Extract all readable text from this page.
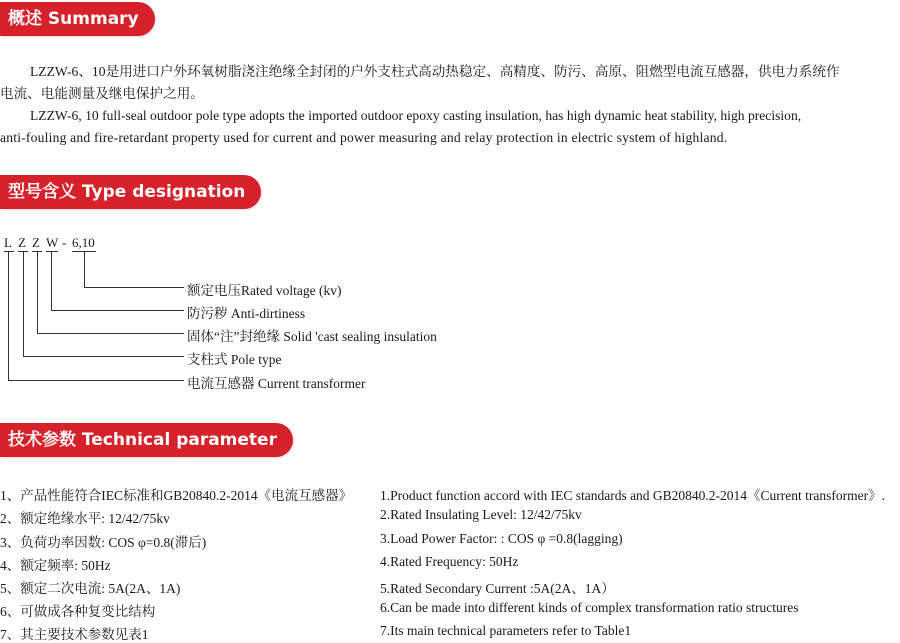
概述 Summary
LZZW-6、10是用进口户外环氧树脂浇注绝缘全封闭的户外支柱式高动热稳定、高精度、防污、高原、阻燃型电流互感器，供电力系统作
电流、电能测量及继电保护之用。
LZZW-6, 10 full-seal outdoor pole type adopts the imported outdoor epoxy casting insulation, has high dynamic heat stability, high precision,
anti-fouling and fire-retardant property used for current and power measuring and relay protection in electric system of highland.
型号含义 Type designation
L Z Z W - 6,10
额定电压Rated voltage (kv)
防污秽 Anti-dirtiness
固体“注”封绝缘 Solid 'cast sealing insulation
支柱式 Pole type
电流互感器 Current transformer
技术参数 Technical parameter
1、产品性能符合IEC标准和GB20840.2-2014《电流互感器》
2、额定绝缘水平: 12/42/75kv
3、负荷功率因数: COS φ=0.8(滞后)
4、额定频率: 50Hz
5、额定二次电流: 5A(2A、1A)
6、可做成各种复变比结构
7、其主要技术参数见表1
1.Product function accord with IEC standards and GB20840.2-2014《Current transformer》.
2.Rated Insulating Level: 12/42/75kv
3.Load Power Factor: : COS φ =0.8(lagging)
4.Rated Frequency: 50Hz
5.Rated Secondary Current :5A(2A、1A）
6.Can be made into different kinds of complex transformation ratio structures
7.Its main technical parameters refer to Table1
